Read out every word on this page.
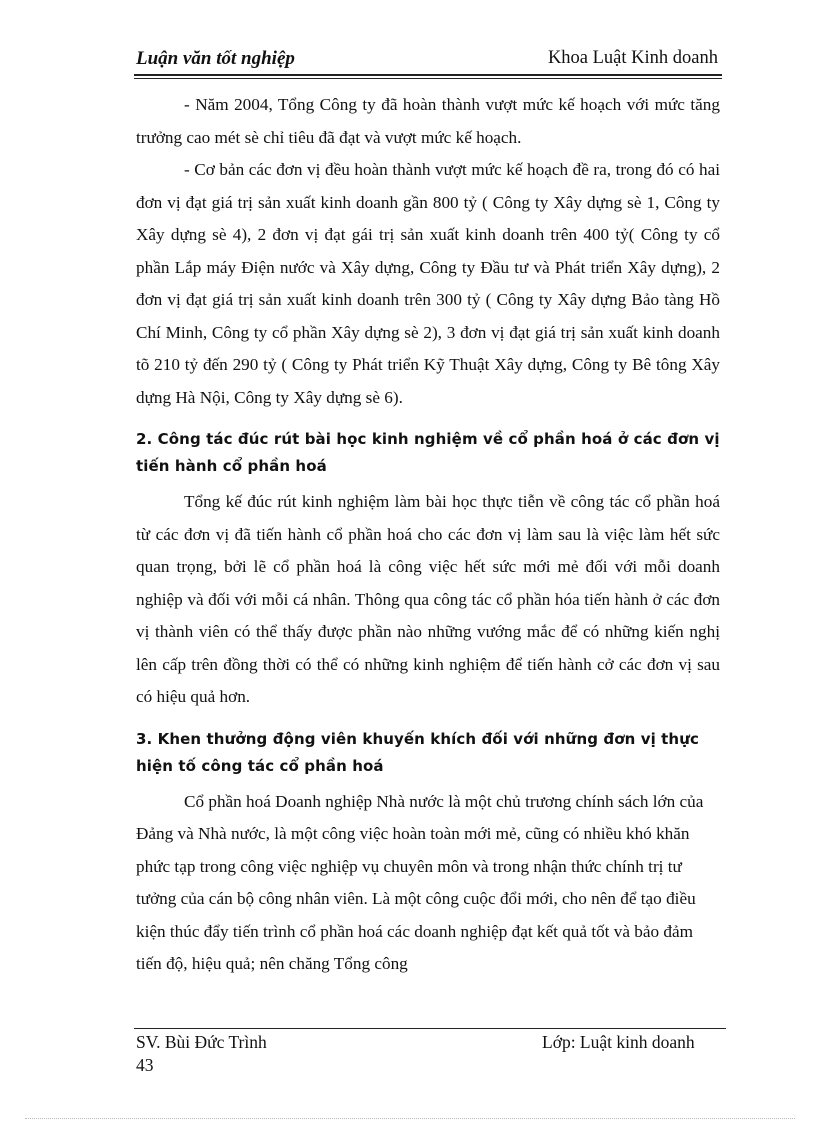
Luận văn tốt nghiệp	Khoa Luật Kinh doanh

- Năm 2004, Tổng Công ty đã hoàn thành vượt mức kế hoạch với mức tăng trưởng cao mét sè chỉ tiêu đã đạt và vượt mức kế hoạch.

- Cơ bản các đơn vị đều hoàn thành vượt mức kế hoạch đề ra, trong đó có hai đơn vị đạt giá trị sản xuất kinh doanh gần 800 tỷ ( Công ty Xây dựng sè 1, Công ty Xây dựng sè 4), 2 đơn vị đạt gái trị sản xuất kinh doanh trên 400 tỷ( Công ty cổ phần Lắp máy Điện nước và Xây dựng, Công ty Đầu tư và Phát triển Xây dựng), 2 đơn vị đạt giá trị sản xuất kinh doanh trên 300 tỷ ( Công ty Xây dựng Bảo tàng Hồ Chí Minh, Công ty cổ phần Xây dựng sè 2), 3 đơn vị đạt giá trị sản xuất kinh doanh tõ 210 tỷ đến 290 tỷ ( Công ty Phát triển Kỹ Thuật Xây dựng, Công ty Bê tông Xây dựng Hà Nội, Công ty Xây dựng sè 6).

2. Công tác đúc rút bài học kinh nghiệm về cổ phần hoá ở các đơn vị tiến hành cổ phần hoá

Tổng kế đúc rút kinh nghiệm làm bài học thực tiễn về công tác cổ phần hoá từ các đơn vị đã tiến hành cổ phần hoá cho các đơn vị làm sau là việc làm hết sức quan trọng, bởi lẽ cổ phần hoá là công việc hết sức mới mẻ đối với mỗi doanh nghiệp và đối với mỗi cá nhân. Thông qua công tác cổ phần hóa tiến hành ở các đơn vị thành viên có thể thấy được phần nào những vướng mắc để có những kiến nghị lên cấp trên đồng thời có thể có những kinh nghiệm để tiến hành cở các đơn vị sau có hiệu quả hơn.

3. Khen thưởng động viên khuyến khích đối với những đơn vị thực hiện tố công tác cổ phần hoá

Cổ phần hoá Doanh nghiệp Nhà nước là một chủ trương chính sách lớn của Đảng và Nhà nước, là một công việc hoàn toàn mới mẻ, cũng có nhiều khó khăn phức tạp trong công việc nghiệp vụ chuyên môn và trong nhận thức chính trị tư tưởng của cán bộ công nhân viên. Là một công cuộc đổi mới, cho nên để tạo điều kiện thúc đẩy tiến trình cổ phần hoá các doanh nghiệp đạt kết quả tốt và bảo đảm tiến độ, hiệu quả; nên chăng Tổng công

SV. Bùi Đức Trình	Lớp: Luật kinh doanh
43
